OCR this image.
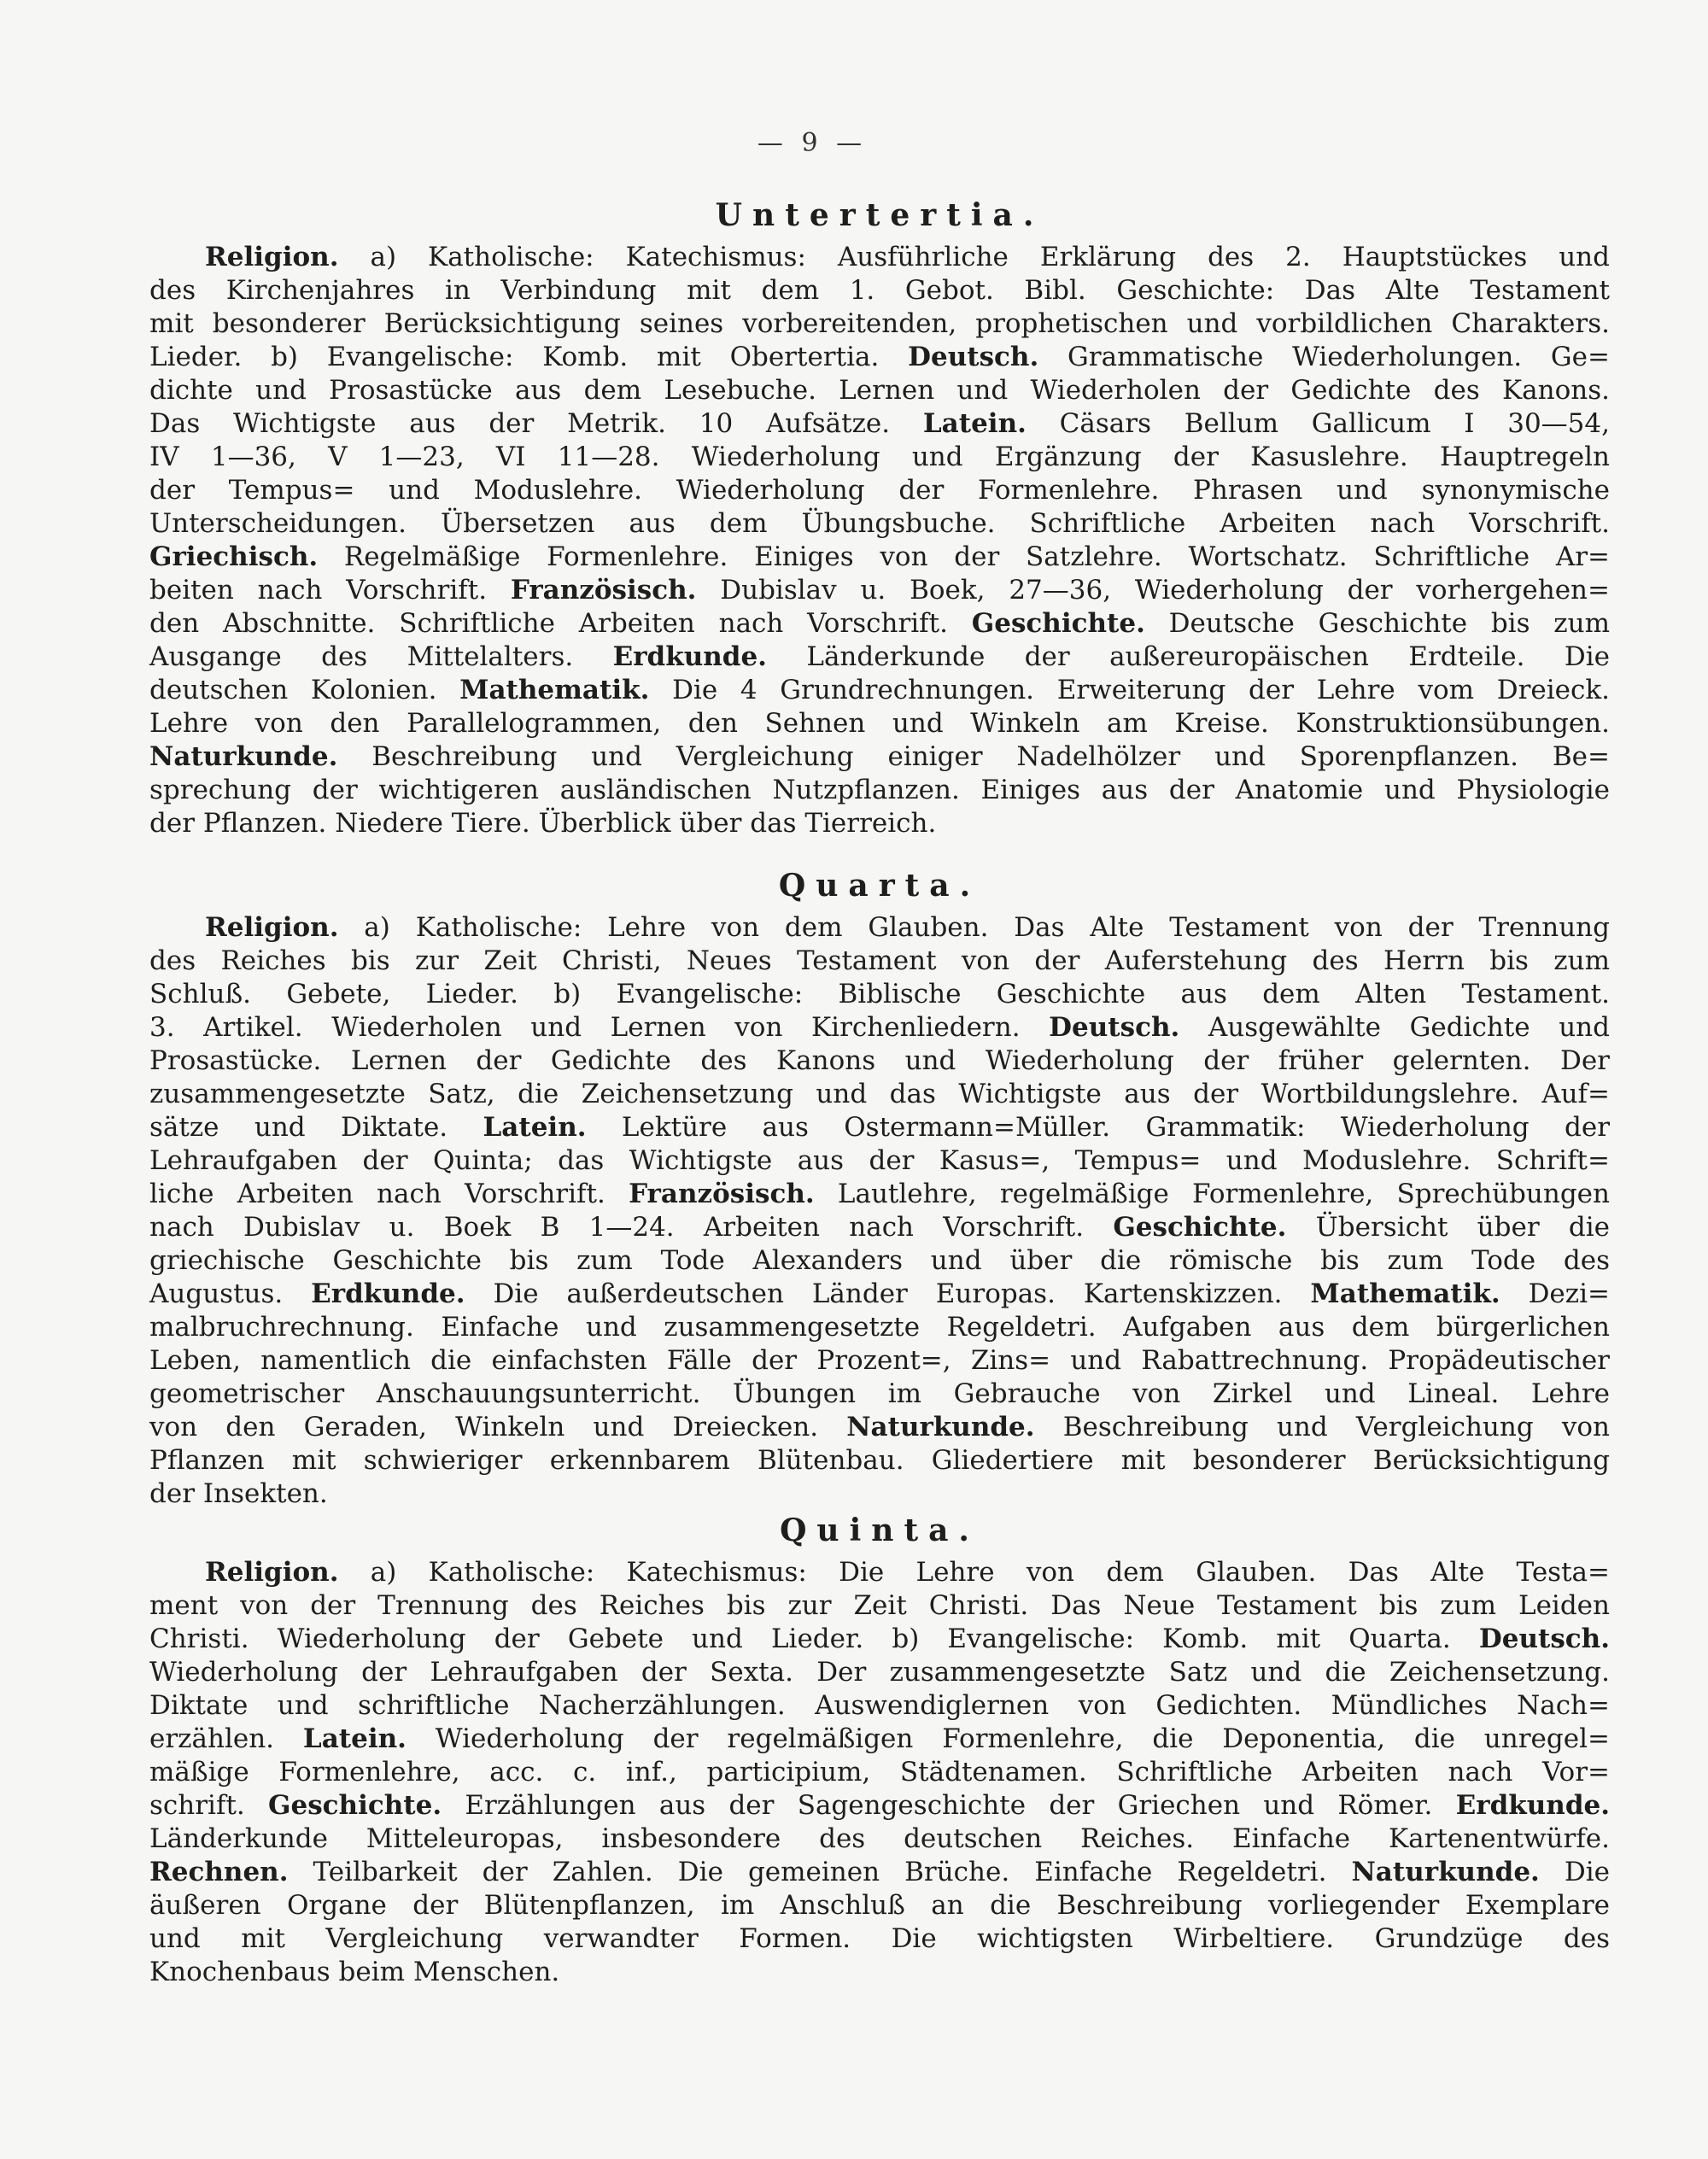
— 9 —
Untertertia.
Religion. a) Katholische: Katechismus: Ausführliche Erklärung des 2. Hauptstückes und
des Kirchenjahres in Verbindung mit dem 1. Gebot. Bibl. Geschichte: Das Alte Testament
mit besonderer Berücksichtigung seines vorbereitenden, prophetischen und vorbildlichen Charakters.
Lieder. b) Evangelische: Komb. mit Obertertia. Deutsch. Grammatische Wiederholungen. Ge=
dichte und Prosastücke aus dem Lesebuche. Lernen und Wiederholen der Gedichte des Kanons.
Das Wichtigste aus der Metrik. 10 Aufsätze. Latein. Cäsars Bellum Gallicum I 30—54,
IV 1—36, V 1—23, VI 11—28. Wiederholung und Ergänzung der Kasuslehre. Hauptregeln
der Tempus= und Moduslehre. Wiederholung der Formenlehre. Phrasen und synonymische
Unterscheidungen. Übersetzen aus dem Übungsbuche. Schriftliche Arbeiten nach Vorschrift.
Griechisch. Regelmäßige Formenlehre. Einiges von der Satzlehre. Wortschatz. Schriftliche Ar=
beiten nach Vorschrift. Französisch. Dubislav u. Boek, 27—36, Wiederholung der vorhergehen=
den Abschnitte. Schriftliche Arbeiten nach Vorschrift. Geschichte. Deutsche Geschichte bis zum
Ausgange des Mittelalters. Erdkunde. Länderkunde der außereuropäischen Erdteile. Die
deutschen Kolonien. Mathematik. Die 4 Grundrechnungen. Erweiterung der Lehre vom Dreieck.
Lehre von den Parallelogrammen, den Sehnen und Winkeln am Kreise. Konstruktionsübungen.
Naturkunde. Beschreibung und Vergleichung einiger Nadelhölzer und Sporenpflanzen. Be=
sprechung der wichtigeren ausländischen Nutzpflanzen. Einiges aus der Anatomie und Physiologie
der Pflanzen. Niedere Tiere. Überblick über das Tierreich.
Quarta.
Religion. a) Katholische: Lehre von dem Glauben. Das Alte Testament von der Trennung
des Reiches bis zur Zeit Christi, Neues Testament von der Auferstehung des Herrn bis zum
Schluß. Gebete, Lieder. b) Evangelische: Biblische Geschichte aus dem Alten Testament.
3. Artikel. Wiederholen und Lernen von Kirchenliedern. Deutsch. Ausgewählte Gedichte und
Prosastücke. Lernen der Gedichte des Kanons und Wiederholung der früher gelernten. Der
zusammengesetzte Satz, die Zeichensetzung und das Wichtigste aus der Wortbildungslehre. Auf=
sätze und Diktate. Latein. Lektüre aus Ostermann=Müller. Grammatik: Wiederholung der
Lehraufgaben der Quinta; das Wichtigste aus der Kasus=, Tempus= und Moduslehre. Schrift=
liche Arbeiten nach Vorschrift. Französisch. Lautlehre, regelmäßige Formenlehre, Sprechübungen
nach Dubislav u. Boek B 1—24. Arbeiten nach Vorschrift. Geschichte. Übersicht über die
griechische Geschichte bis zum Tode Alexanders und über die römische bis zum Tode des
Augustus. Erdkunde. Die außerdeutschen Länder Europas. Kartenskizzen. Mathematik. Dezi=
malbruchrechnung. Einfache und zusammengesetzte Regeldetri. Aufgaben aus dem bürgerlichen
Leben, namentlich die einfachsten Fälle der Prozent=, Zins= und Rabattrechnung. Propädeutischer
geometrischer Anschauungsunterricht. Übungen im Gebrauche von Zirkel und Lineal. Lehre
von den Geraden, Winkeln und Dreiecken. Naturkunde. Beschreibung und Vergleichung von
Pflanzen mit schwieriger erkennbarem Blütenbau. Gliedertiere mit besonderer Berücksichtigung
der Insekten.
Quinta.
Religion. a) Katholische: Katechismus: Die Lehre von dem Glauben. Das Alte Testa=
ment von der Trennung des Reiches bis zur Zeit Christi. Das Neue Testament bis zum Leiden
Christi. Wiederholung der Gebete und Lieder. b) Evangelische: Komb. mit Quarta. Deutsch.
Wiederholung der Lehraufgaben der Sexta. Der zusammengesetzte Satz und die Zeichensetzung.
Diktate und schriftliche Nacherzählungen. Auswendiglernen von Gedichten. Mündliches Nach=
erzählen. Latein. Wiederholung der regelmäßigen Formenlehre, die Deponentia, die unregel=
mäßige Formenlehre, acc. c. inf., participium, Städtenamen. Schriftliche Arbeiten nach Vor=
schrift. Geschichte. Erzählungen aus der Sagengeschichte der Griechen und Römer. Erdkunde.
Länderkunde Mitteleuropas, insbesondere des deutschen Reiches. Einfache Kartenentwürfe.
Rechnen. Teilbarkeit der Zahlen. Die gemeinen Brüche. Einfache Regeldetri. Naturkunde. Die
äußeren Organe der Blütenpflanzen, im Anschluß an die Beschreibung vorliegender Exemplare
und mit Vergleichung verwandter Formen. Die wichtigsten Wirbeltiere. Grundzüge des
Knochenbaus beim Menschen.
